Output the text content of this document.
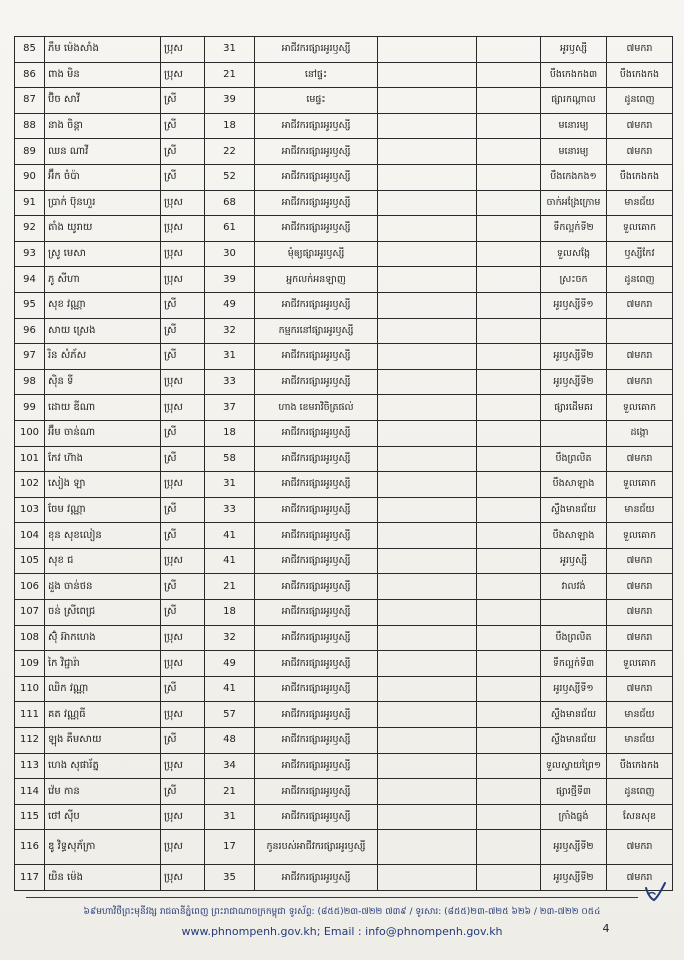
85	ភឹម ម៉េងសាំង	ប្រុស	31	អាជីវករផ្សារអូរឫស្សី			អូរឫស្សី	៧មករា
86	ពាង មិន	ប្រុស	21	នៅផ្ទះ			បឹងកេងកង៣	បឹងកេងកង
87	ប៊ិច សាវី	ស្រី	39	មេផ្ទះ			ផ្សារកណ្ដាល	ដូនពេញ
88	នាង ចិន្ដា	ស្រី	18	អាជីវករផ្សារអូរឫស្សី			មនោរម្យ	៧មករា
89	ឈន ណាវី	ស្រី	22	អាជីវករផ្សារអូរឫស្សី			មនោរម្យ	៧មករា
90	អ៊ឹក ចំប៉ា	ស្រី	52	អាជីវករផ្សារអូរឫស្សី			បឹងកេងកង១	បឹងកេងកង
91	ប្រាក់ ប៊ុនហួរ	ប្រុស	68	អាជីវករផ្សារអូរឫស្សី			ចាក់អង្រែក្រោម	មានជ័យ
92	តាំង យូរាយ	ប្រុស	61	អាជីវករផ្សារអូរឫស្សី			ទឹកល្អក់ទី២	ទួលគោក
93	ស្រូ មេសា	ប្រុស	30	មុំឲ្យផ្សារអូរឫស្សី			ទួលសង្កែ	ឫស្សីកែវ
94	ភូ សីហា	ប្រុស	39	អ្នកលក់អនឡាញ			ស្រះចក	ដូនពេញ
95	សុខ វណ្ណា	ស្រី	49	អាជីវករផ្សារអូរឫស្សី			អូរឫស្សីទី១	៧មករា
96	សាយ ស្រេង	ស្រី	32	កម្មករនៅផ្សារអូរឫស្សី				
97	រិន សំភ័ស	ស្រី	31	អាជីវករផ្សារអូរឫស្សី			អូរឫស្សីទី២	៧មករា
98	ស៊ិន ទី	ប្រុស	33	អាជីវករផ្សារអូរឫស្សី			អូរឫស្សីទី២	៧មករា
99	ដោយ ឌីណា	ប្រុស	37	ហាង ខេមរាវិចិត្រផល់			ផ្សារដើមគរ	ទួលគោក
100	អ៊ឹម ចាន់ណា	ស្រី	18	អាជីវករផ្សារអូរឫស្សី				ដង្កោ
101	កែវ ហ៊ាង	ស្រី	58	អាជីវករផ្សារអូរឫស្សី			បឹងព្រលិត	៧មករា
102	សៀង ឡា	ប្រុស	31	អាជីវករផ្សារអូរឫស្សី			បឹងសាឡាង	ទួលគោក
103	ចែម វណ្ណា	ស្រី	33	អាជីវករផ្សារអូរឫស្សី			ស្ទឹងមានជ័យ	មានជ័យ
104	ខុន សុខលៀន	ស្រី	41	អាជីវករផ្សារអូរឫស្សី			បឹងសាឡាង	ទួលគោក
105	សុខ ជ	ប្រុស	41	អាជីវករផ្សារអូរឫស្សី			អូរឫស្សី	៧មករា
106	ដួង ចាន់ថន	ស្រី	21	អាជីវករផ្សារអូរឫស្សី			វាលវង់	៧មករា
107	ចន់ ស្រីពេជ្រ	ស្រី	18	អាជីវករផ្សារអូរឫស្សី				៧មករា
108	ស៊ុំ អ៊ាកហេង	ប្រុស	32	អាជីវករផ្សារអូរឫស្សី			បឹងព្រលិត	៧មករា
109	កៃ វិជ្ជារ៉ា	ប្រុស	49	អាជីវករផ្សារអូរឫស្សី			ទឹកល្អក់ទី៣	ទួលគោក
110	ឈិក វណ្ណា	ស្រី	41	អាជីវករផ្សារអូរឫស្សី			អូរឫស្សីទី១	៧មករា
111	គត វណ្ណធី	ប្រុស	57	អាជីវករផ្សារអូរឫស្សី			ស្ទឹងមានជ័យ	មានជ័យ
112	ឡុង គឹមសាយ	ស្រី	48	អាជីវករផ្សារអូរឫស្សី			ស្ទឹងមានជ័យ	មានជ័យ
113	ហេង សុផារ័ត្ន	ប្រុស	34	អាជីវករផ្សារអូរឫស្សី			ទួលស្វាយព្រៃ១	បឹងកេងកង
114	វ៉េម កាន	ស្រី	21	អាជីវករផ្សារអូរឫស្សី			ផ្សារថ្មីទី៣	ដូនពេញ
115	ថៅ ស៊ីប	ប្រុស	31	អាជីវករផ្សារអូរឫស្សី			ក្រាំងធ្នង់	សែនសុខ
116	ឌូ វិទ្ធសុភ័ក្រា	ប្រុស	17	កូនរបស់អាជីវករផ្សារអូរឫស្សី			អូរឫស្សីទី២	៧មករា
117	យិន ម៉េង	ប្រុស	35	អាជីវករផ្សារអូរឫស្សី			អូរឫស្សីទី២	៧មករា
៦៩មហាវិថីព្រះមុនីវង្ស រាជធានីភ្នំពេញ ព្រះរាជាណាចក្រកម្ពុជា ទូរស័ព្ទ: (៨៥៥)២៣-៧២២ ៧៣៩ / ទូរសារ: (៨៥៥)២៣-៧២៥ ៦២៦ / ២៣-៧២២ ០៥៤
www.phnompenh.gov.kh; Email : info@phnompenh.gov.kh	4
